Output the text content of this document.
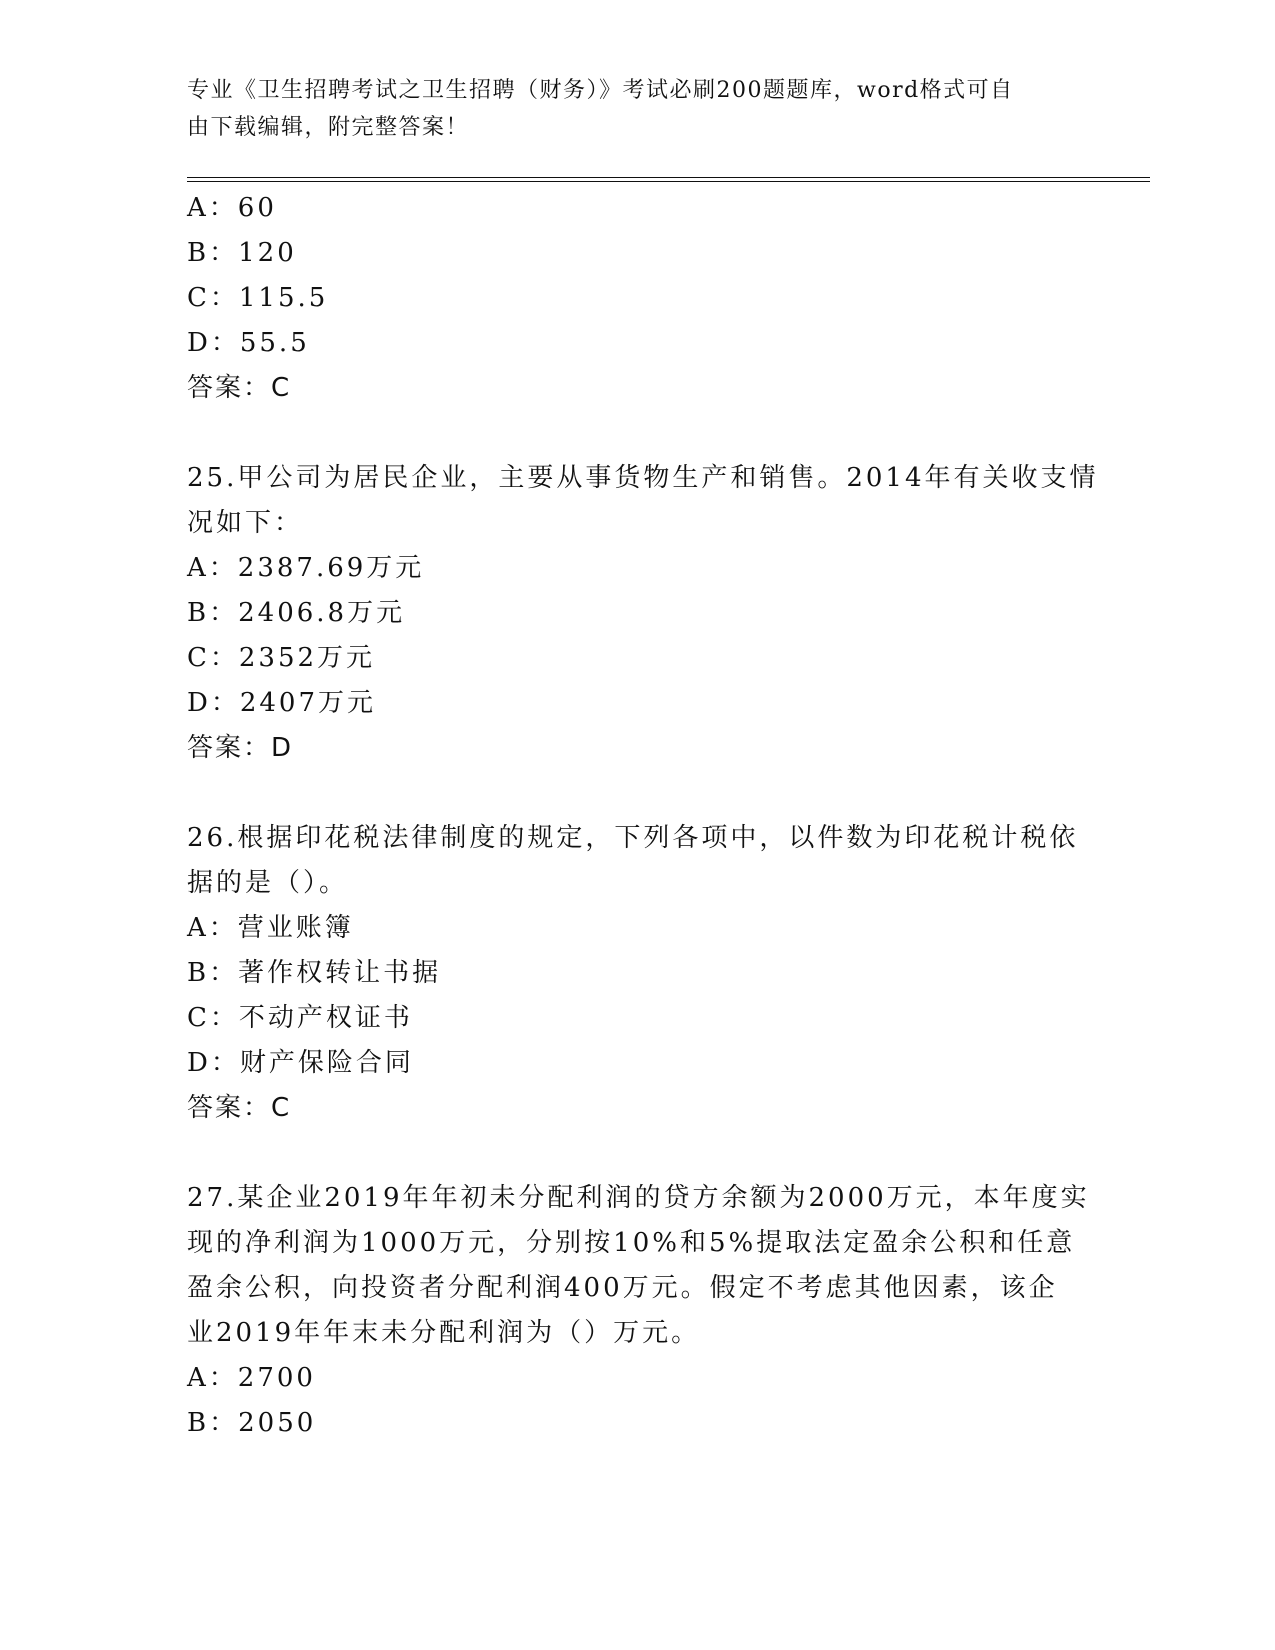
专业《卫生招聘考试之卫生招聘（财务）》考试必刷200题题库，word格式可自
由下载编辑，附完整答案！
A：60
B：120
C：115.5
D：55.5
答案：C
25.甲公司为居民企业，主要从事货物生产和销售。2014年有关收支情
况如下：
A：2387.69万元
B：2406.8万元
C：2352万元
D：2407万元
答案：D
26.根据印花税法律制度的规定，下列各项中，以件数为印花税计税依
据的是（）。
A：营业账簿
B：著作权转让书据
C：不动产权证书
D：财产保险合同
答案：C
27.某企业2019年年初未分配利润的贷方余额为2000万元，本年度实
现的净利润为1000万元，分别按10%和5%提取法定盈余公积和任意
盈余公积，向投资者分配利润400万元。假定不考虑其他因素，该企
业2019年年末未分配利润为（）万元。
A：2700
B：2050
